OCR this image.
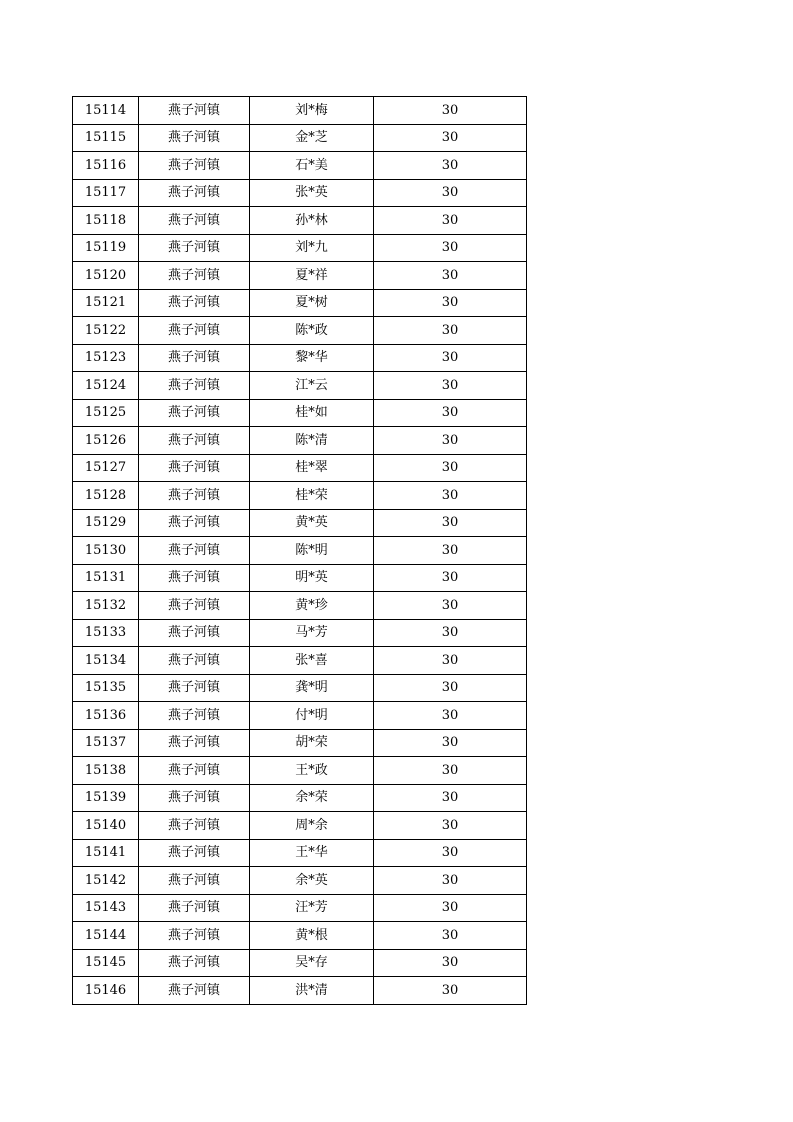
15114	燕子河镇	刘*梅	30
15115	燕子河镇	金*芝	30
15116	燕子河镇	石*美	30
15117	燕子河镇	张*英	30
15118	燕子河镇	孙*林	30
15119	燕子河镇	刘*九	30
15120	燕子河镇	夏*祥	30
15121	燕子河镇	夏*树	30
15122	燕子河镇	陈*政	30
15123	燕子河镇	黎*华	30
15124	燕子河镇	江*云	30
15125	燕子河镇	桂*如	30
15126	燕子河镇	陈*清	30
15127	燕子河镇	桂*翠	30
15128	燕子河镇	桂*荣	30
15129	燕子河镇	黄*英	30
15130	燕子河镇	陈*明	30
15131	燕子河镇	明*英	30
15132	燕子河镇	黄*珍	30
15133	燕子河镇	马*芳	30
15134	燕子河镇	张*喜	30
15135	燕子河镇	龚*明	30
15136	燕子河镇	付*明	30
15137	燕子河镇	胡*荣	30
15138	燕子河镇	王*政	30
15139	燕子河镇	余*荣	30
15140	燕子河镇	周*余	30
15141	燕子河镇	王*华	30
15142	燕子河镇	余*英	30
15143	燕子河镇	汪*芳	30
15144	燕子河镇	黄*根	30
15145	燕子河镇	吴*存	30
15146	燕子河镇	洪*清	30
